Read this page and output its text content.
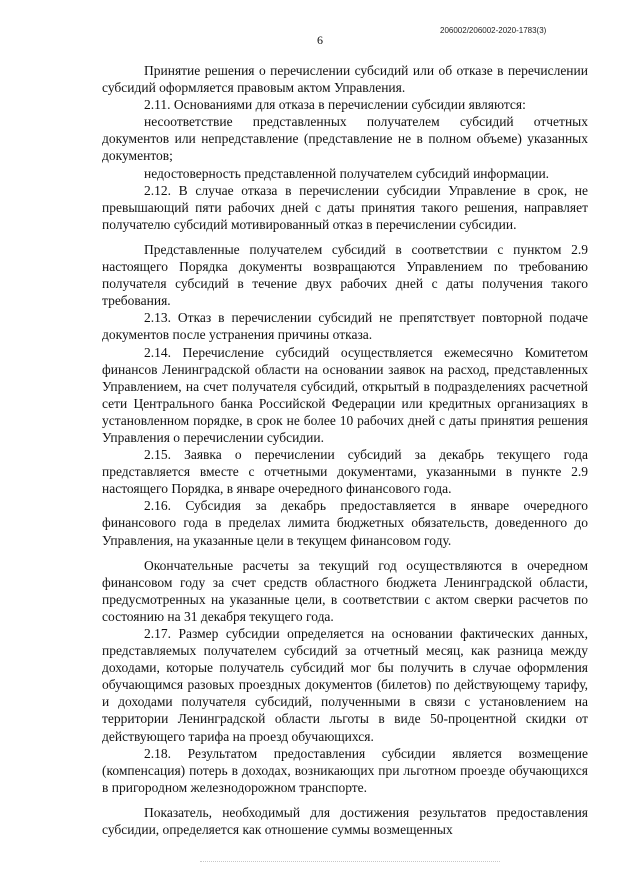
206002/206002-2020-1783(3)
6

Принятие решения о перечислении субсидий или об отказе в перечислении субсидий оформляется правовым актом Управления.

2.11. Основаниями для отказа в перечислении субсидии являются:

несоответствие представленных получателем субсидий отчетных документов или непредставление (представление не в полном объеме) указанных документов;

недостоверность представленной получателем субсидий информации.

2.12. В случае отказа в перечислении субсидии Управление в срок, не превышающий пяти рабочих дней с даты принятия такого решения, направляет получателю субсидий мотивированный отказ в перечислении субсидии.

Представленные получателем субсидий в соответствии с пунктом 2.9 настоящего Порядка документы возвращаются Управлением по требованию получателя субсидий в течение двух рабочих дней с даты получения такого требования.

2.13. Отказ в перечислении субсидий не препятствует повторной подаче документов после устранения причины отказа.

2.14. Перечисление субсидий осуществляется ежемесячно Комитетом финансов Ленинградской области на основании заявок на расход, представленных Управлением, на счет получателя субсидий, открытый в подразделениях расчетной сети Центрального банка Российской Федерации или кредитных организациях в установленном порядке, в срок не более 10 рабочих дней с даты принятия решения Управления о перечислении субсидии.

2.15. Заявка о перечислении субсидий за декабрь текущего года представляется вместе с отчетными документами, указанными в пункте 2.9 настоящего Порядка, в январе очередного финансового года.

2.16. Субсидия за декабрь предоставляется в январе очередного финансового года в пределах лимита бюджетных обязательств, доведенного до Управления, на указанные цели в текущем финансовом году.

Окончательные расчеты за текущий год осуществляются в очередном финансовом году за счет средств областного бюджета Ленинградской области, предусмотренных на указанные цели, в соответствии с актом сверки расчетов по состоянию на 31 декабря текущего года.

2.17. Размер субсидии определяется на основании фактических данных, представляемых получателем субсидий за отчетный месяц, как разница между доходами, которые получатель субсидий мог бы получить в случае оформления обучающимся разовых проездных документов (билетов) по действующему тарифу, и доходами получателя субсидий, полученными в связи с установлением на территории Ленинградской области льготы в виде 50-процентной скидки от действующего тарифа на проезд обучающихся.

2.18. Результатом предоставления субсидии является возмещение (компенсация) потерь в доходах, возникающих при льготном проезде обучающихся в пригородном железнодорожном транспорте.

Показатель, необходимый для достижения результатов предоставления субсидии, определяется как отношение суммы возмещенных
